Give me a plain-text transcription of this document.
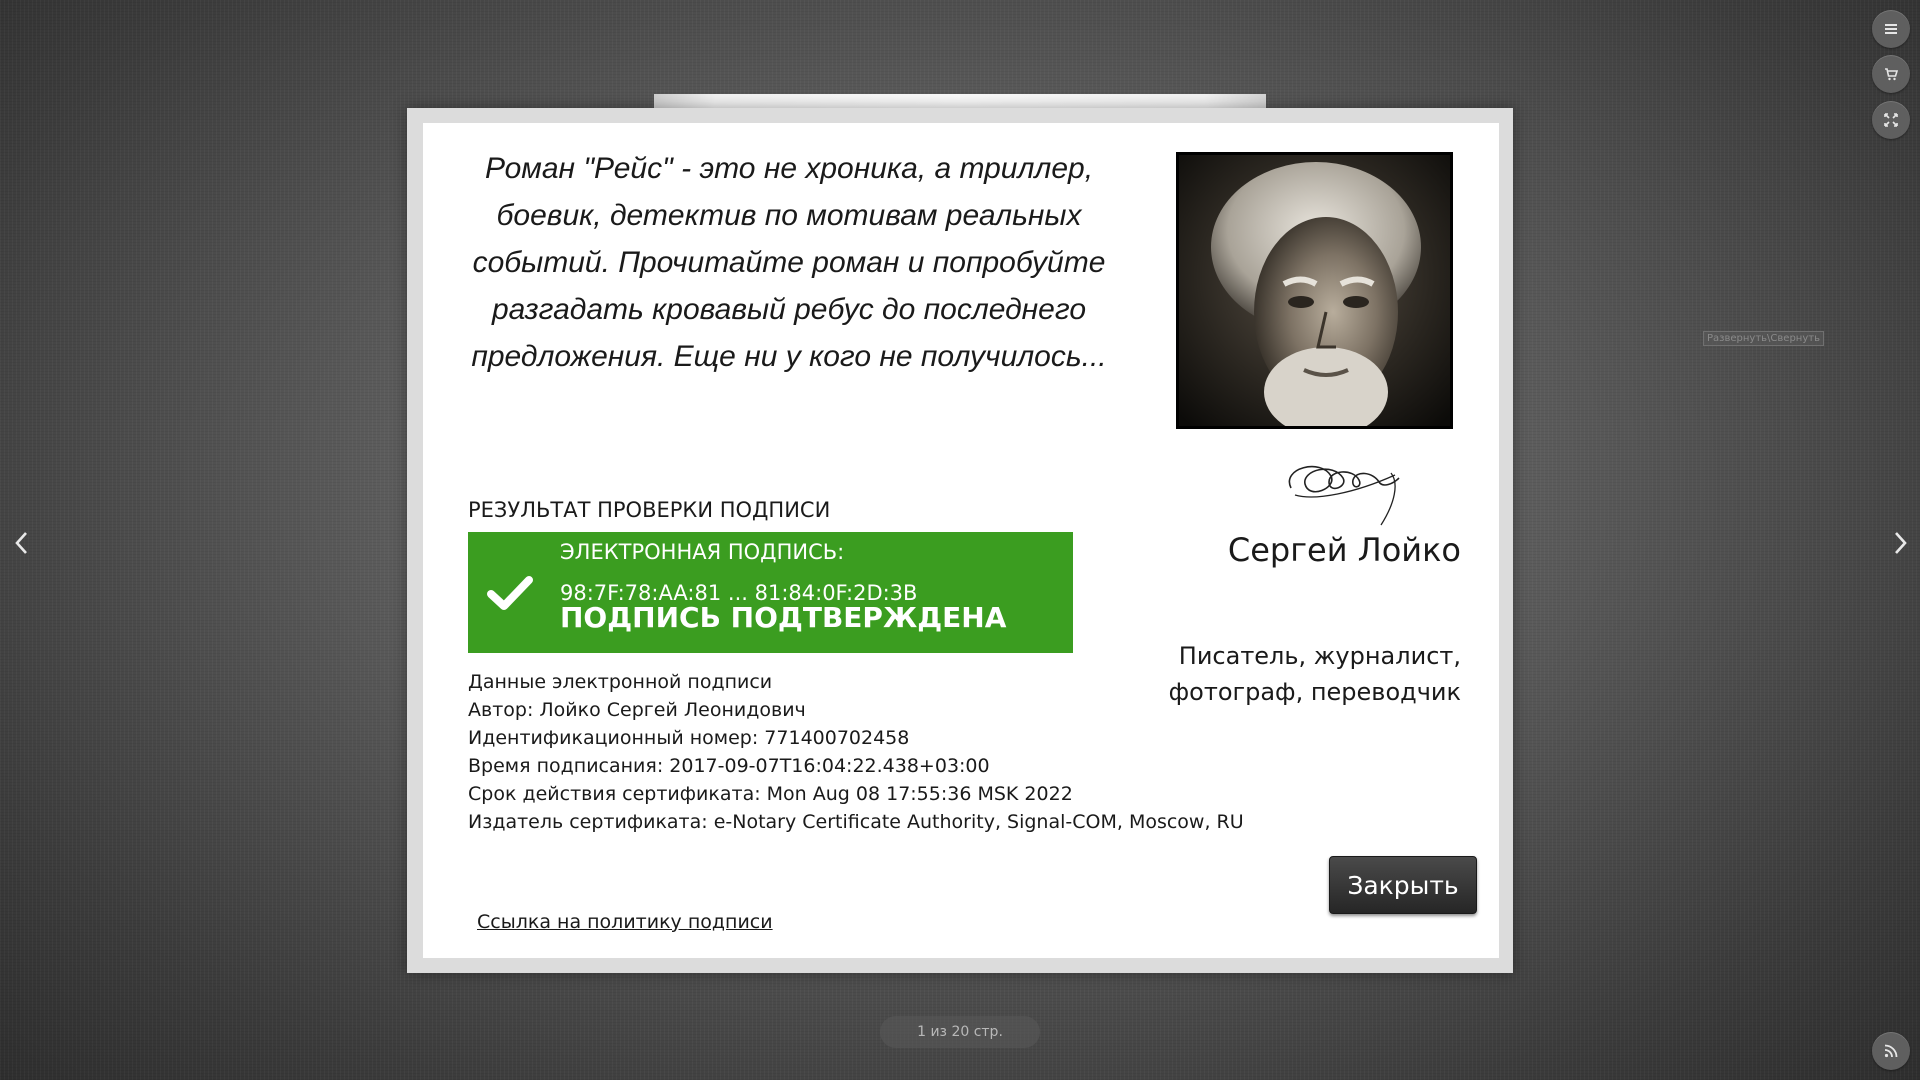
Развернуть\Свернуть
1 из 20 стр.
Роман "Рейс" - это не хроника, а триллер, боевик, детектив по мотивам реальных событий. Прочитайте роман и попробуйте разгадать кровавый ребус до последнего предложения. Еще ни у кого не получилось...
Сергей Лойко
Писатель, журналист, фотограф, переводчик
РЕЗУЛЬТАТ ПРОВЕРКИ ПОДПИСИ
ЭЛЕКТРОННАЯ ПОДПИСЬ:
98:7F:78:AA:81 ... 81:84:0F:2D:3B
ПОДПИСЬ ПОДТВЕРЖДЕНА
Данные электронной подписи
Автор: Лойко Сергей Леонидович
Идентификационный номер: 771400702458
Время подписания: 2017-09-07T16:04:22.438+03:00
Срок действия сертификата: Mon Aug 08 17:55:36 MSK 2022
Издатель сертификата: e-Notary Certificate Authority, Signal-COM, Moscow, RU
Закрыть
Ссылка на политику подписи
